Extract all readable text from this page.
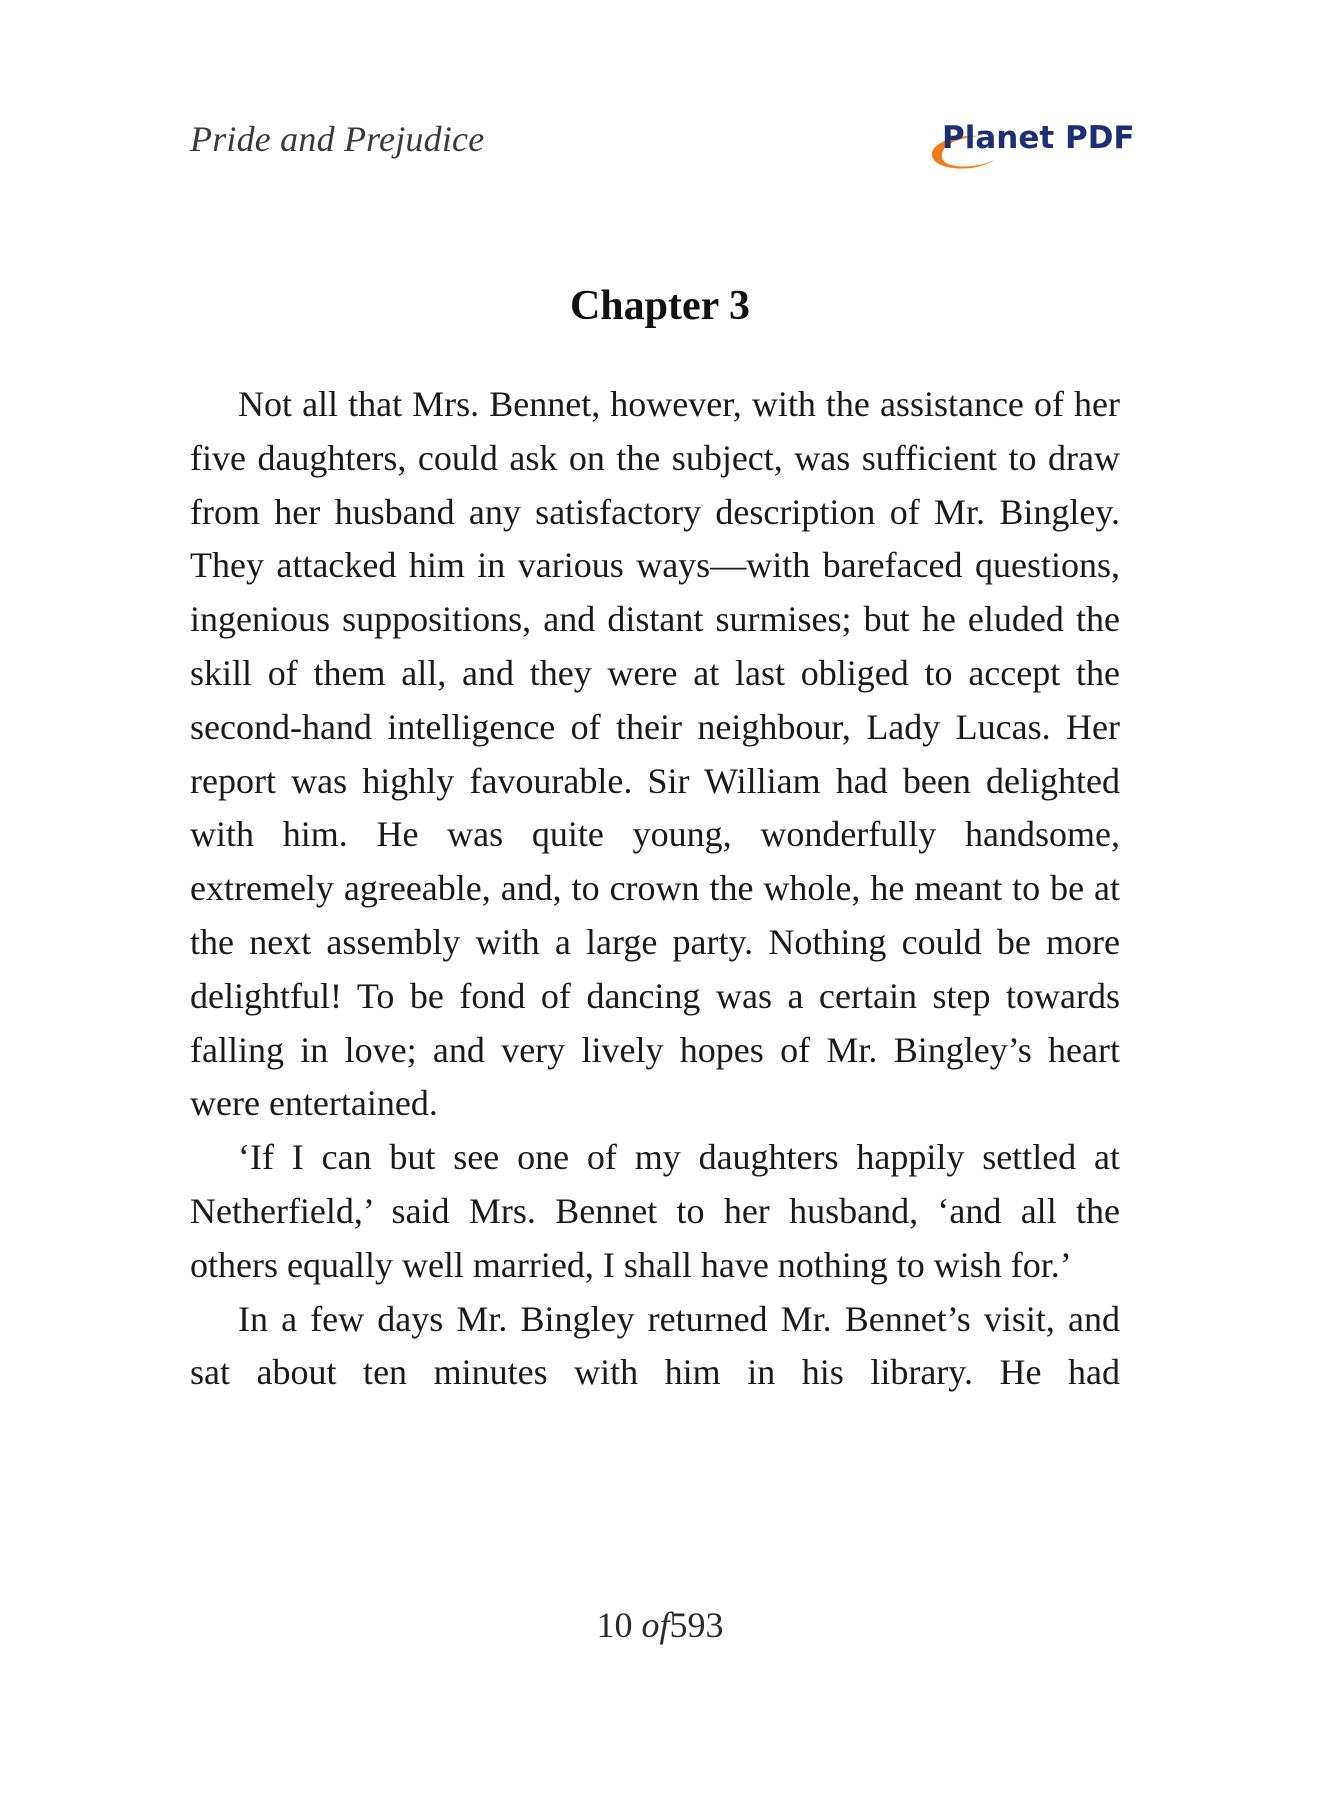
Pride and Prejudice	Planet PDF
Chapter 3

Not all that Mrs. Bennet, however, with the assistance of her five daughters, could ask on the subject, was sufficient to draw from her husband any satisfactory description of Mr. Bingley. They attacked him in various ways—with barefaced questions, ingenious suppositions, and distant surmises; but he eluded the skill of them all, and they were at last obliged to accept the second-hand intelligence of their neighbour, Lady Lucas. Her report was highly favourable. Sir William had been delighted with him. He was quite young, wonderfully handsome, extremely agreeable, and, to crown the whole, he meant to be at the next assembly with a large party. Nothing could be more delightful! To be fond of dancing was a certain step towards falling in love; and very lively hopes of Mr. Bingley’s heart were entertained.

‘If I can but see one of my daughters happily settled at Netherfield,’ said Mrs. Bennet to her husband, ‘and all the others equally well married, I shall have nothing to wish for.’

In a few days Mr. Bingley returned Mr. Bennet’s visit, and sat about ten minutes with him in his library. He had

10 of593
